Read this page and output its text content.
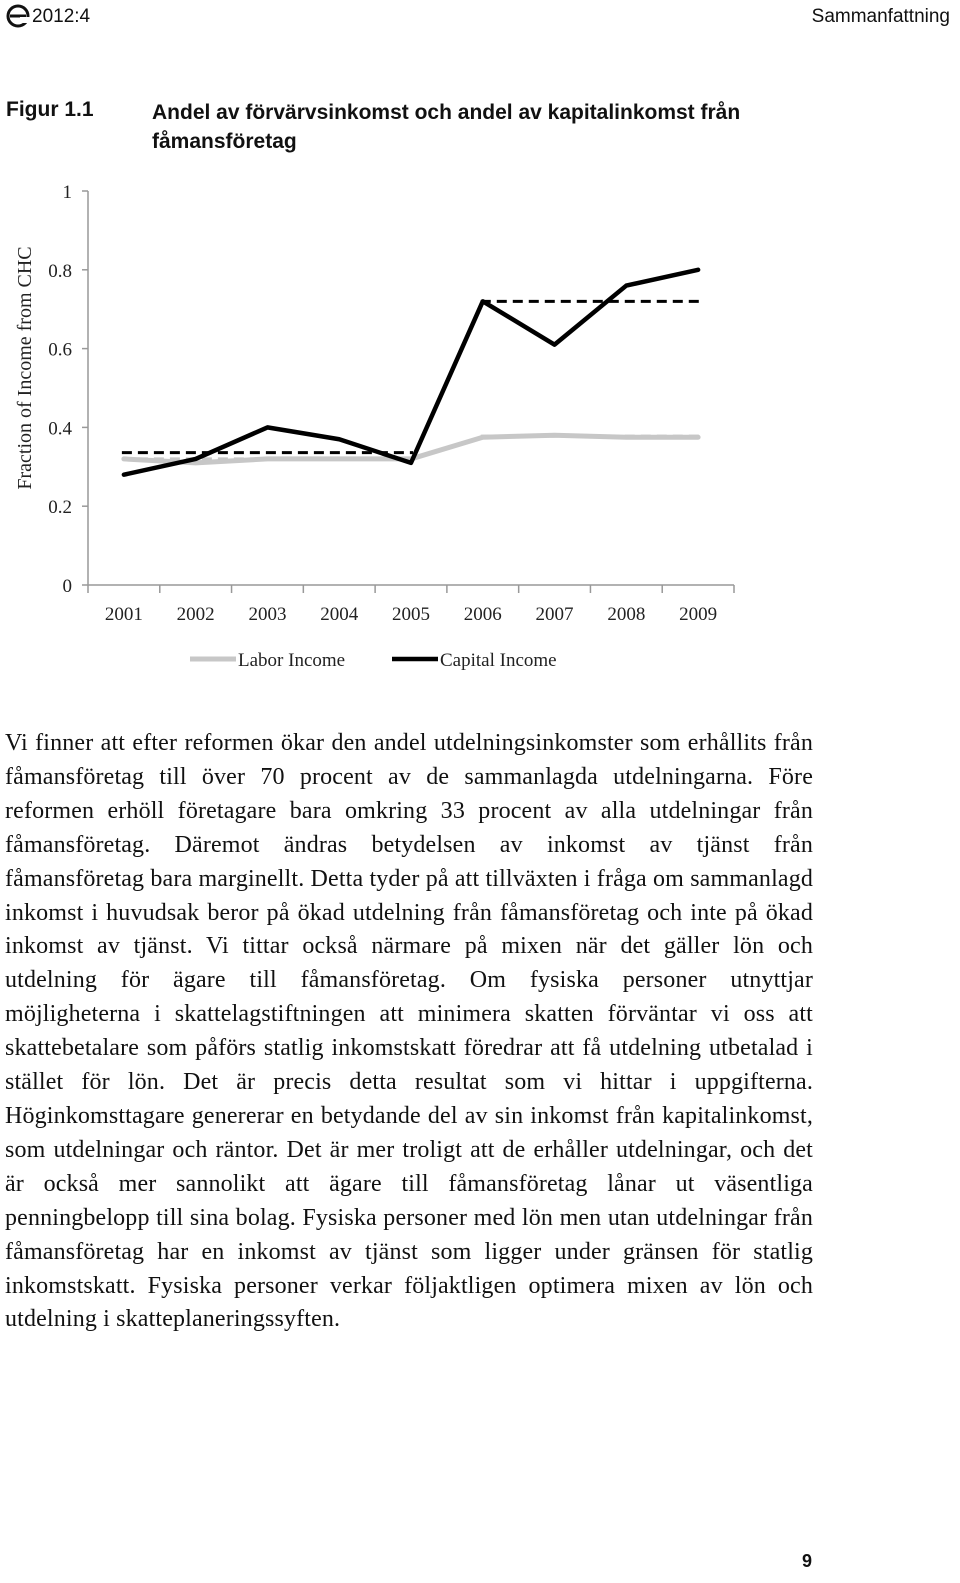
2012:4	Sammanfattning
Figur 1.1	Andel av förvärvsinkomst och andel av kapitalinkomst från fåmansföretag
0
0.2
0.4
0.6
0.8
1
2001 2002 2003 2004 2005 2006 2007 2008 2009
Fraction of Income from CHC
Labor Income	Capital Income

Vi finner att efter reformen ökar den andel utdelningsinkomster som erhållits från fåmansföretag till över 70 procent av de sammanlagda utdelningarna. Före reformen erhöll företagare bara omkring 33 procent av alla utdelningar från fåmansföretag. Däremot ändras betydelsen av inkomst av tjänst från fåmansföretag bara marginellt. Detta tyder på att tillväxten i fråga om sammanlagd inkomst i huvudsak beror på ökad utdelning från fåmansföretag och inte på ökad inkomst av tjänst. Vi tittar också närmare på mixen när det gäller lön och utdelning för ägare till fåmansföretag. Om fysiska personer utnyttjar möjligheterna i skattelagstiftningen att minimera skatten förväntar vi oss att skattebetalare som påförs statlig inkomstskatt föredrar att få utdelning utbetalad i stället för lön. Det är precis detta resultat som vi hittar i uppgifterna. Höginkomsttagare genererar en betydande del av sin inkomst från kapitalinkomst, som utdelningar och räntor. Det är mer troligt att de erhåller utdelningar, och det är också mer sannolikt att ägare till fåmansföretag lånar ut väsentliga penningbelopp till sina bolag. Fysiska personer med lön men utan utdelningar från fåmansföretag har en inkomst av tjänst som ligger under gränsen för statlig inkomstskatt. Fysiska personer verkar följaktligen optimera mixen av lön och utdelning i skatteplaneringssyften.

9
